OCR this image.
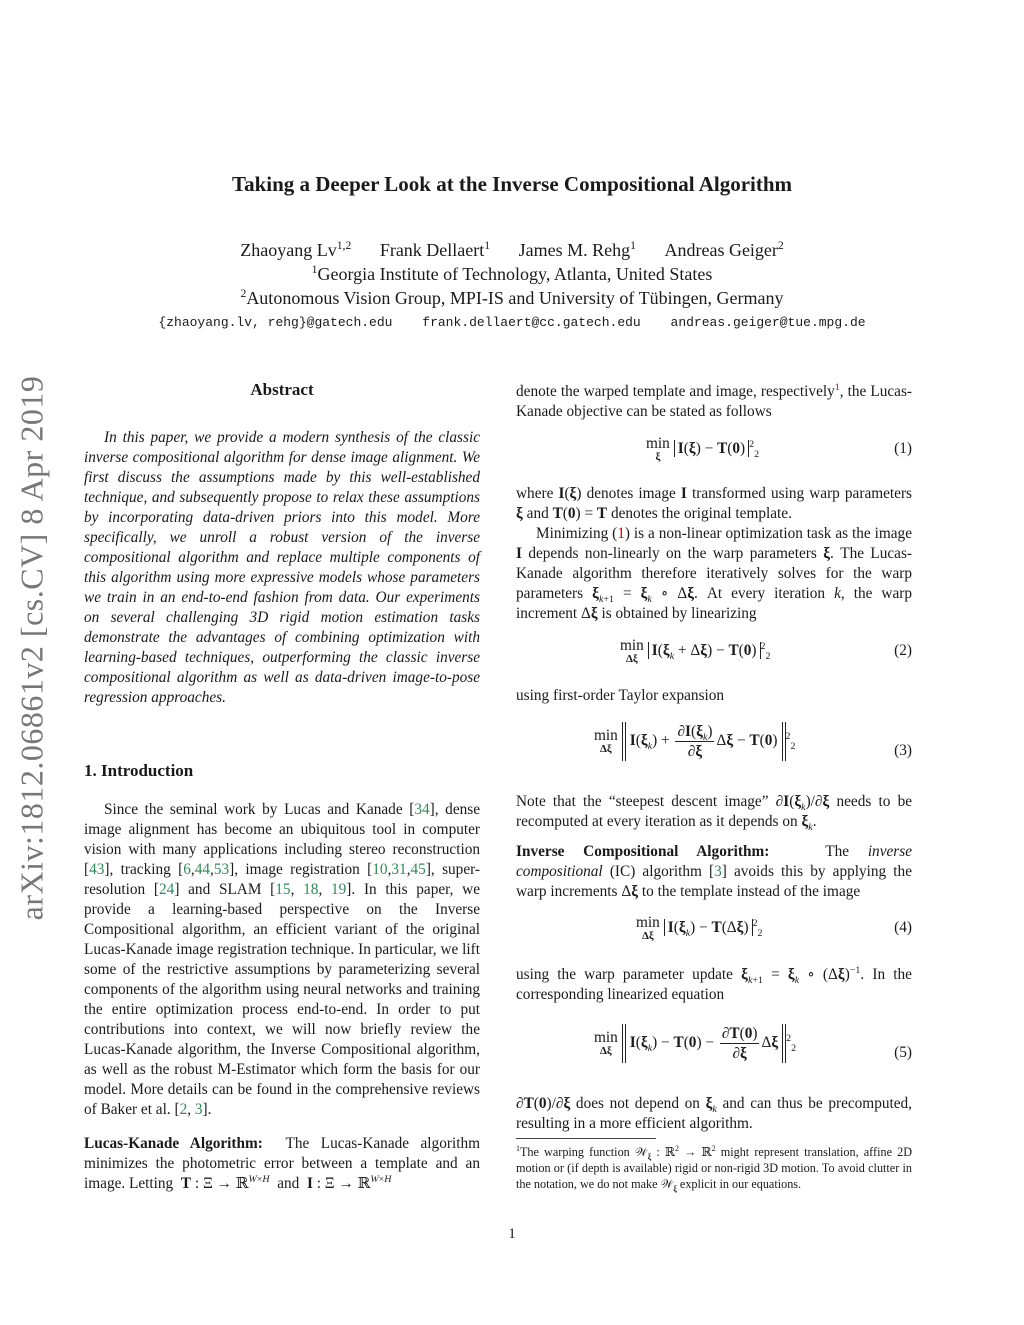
arXiv:1812.06861v2 [cs.CV] 8 Apr 2019
Taking a Deeper Look at the Inverse Compositional Algorithm
Zhaoyang Lv$^{1,2}$ Frank Dellaert$^1$ James M. Rehg$^1$ Andreas Geiger$^2$
$^1$Georgia Institute of Technology, Atlanta, United States
$^2$Autonomous Vision Group, MPI-IS and University of Tübingen, Germany
{zhaoyang.lv, rehg}@gatech.edu frank.dellaert@cc.gatech.edu andreas.geiger@tue.mpg.de
Abstract
In this paper, we provide a modern synthesis of the classic inverse compositional algorithm for dense image alignment. We first discuss the assumptions made by this well-established technique, and subsequently propose to relax these assumptions by incorporating data-driven priors into this model. More specifically, we unroll a robust version of the inverse compositional algorithm and replace multiple components of this algorithm using more expressive models whose parameters we train in an end-to-end fashion from data. Our experiments on several challenging 3D rigid motion estimation tasks demonstrate the advantages of combining optimization with learning-based techniques, outperforming the classic inverse compositional algorithm as well as data-driven image-to-pose regression approaches.
1. Introduction
Since the seminal work by Lucas and Kanade [34], dense image alignment has become an ubiquitous tool in computer vision with many applications including stereo reconstruction [43], tracking [6,44,53], image registration [10,31,45], super-resolution [24] and SLAM [15, 18, 19]. In this paper, we provide a learning-based perspective on the Inverse Compositional algorithm, an efficient variant of the original Lucas-Kanade image registration technique. In particular, we lift some of the restrictive assumptions by parameterizing several components of the algorithm using neural networks and training the entire optimization process end-to-end. In order to put contributions into context, we will now briefly review the Lucas-Kanade algorithm, the Inverse Compositional algorithm, as well as the robust M-Estimator which form the basis for our model. More details can be found in the comprehensive reviews of Baker et al. [2, 3].
Lucas-Kanade Algorithm: The Lucas-Kanade algorithm minimizes the photometric error between a template and an image. Letting T : Ξ → ℝ$^{W\times H}$  and  I : Ξ → ℝ$^{W\times H}$
denote the warped template and image, respectively$^1$, the Lucas-Kanade objective can be stated as follows
min
ξ I(ξ) − T(0) $^2_2$	(1)
where I(ξ) denotes image I transformed using warp parameters ξ and T(0) = T denotes the original template.
Minimizing (1) is a non-linear optimization task as the image I depends non-linearly on the warp parameters ξ. The Lucas-Kanade algorithm therefore iteratively solves for the warp parameters $\xi_{k+1} = \xi_k$ ∘ Δξ. At every iteration k, the warp increment Δξ is obtained by linearizing
min
Δξ $I(\xi_k + \Delta\xi) - T(0)$ $^2_2$	(2)
using first-order Taylor expansion
min
Δξ $I(\xi_k) + \frac{\partial I(\xi_k)}{\partial\xi}$ Δξ − T(0) $^2_2$	(3)
Note that the “steepest descent image” $\partial I(\xi_k)/\partial\xi$ needs to be recomputed at every iteration as it depends on $\xi_k$.
Inverse Compositional Algorithm:	The inverse compositional (IC) algorithm [3] avoids this by applying the warp increments Δξ to the template instead of the image
min
Δξ $I(\xi_k) - T(\Delta\xi)$ $^2_2$	(4)
using the warp parameter update $\xi_{k+1} = \xi_k$ ∘ $(\Delta\xi)^{-1}$. In the corresponding linearized equation
min
Δξ $I(\xi_k) - T(0) - \frac{\partial T(0)}{\partial\xi}$ Δξ $^2_2$	(5)
∂T(0)/∂ξ does not depend on $\xi_k$ and can thus be precomputed, resulting in a more efficient algorithm.
$^1$The warping function 𝒲$_\xi$ : ℝ$^2$ → ℝ$^2$ might represent translation, affine 2D motion or (if depth is available) rigid or non-rigid 3D motion. To avoid clutter in the notation, we do not make 𝒲$_\xi$ explicit in our equations.
1
